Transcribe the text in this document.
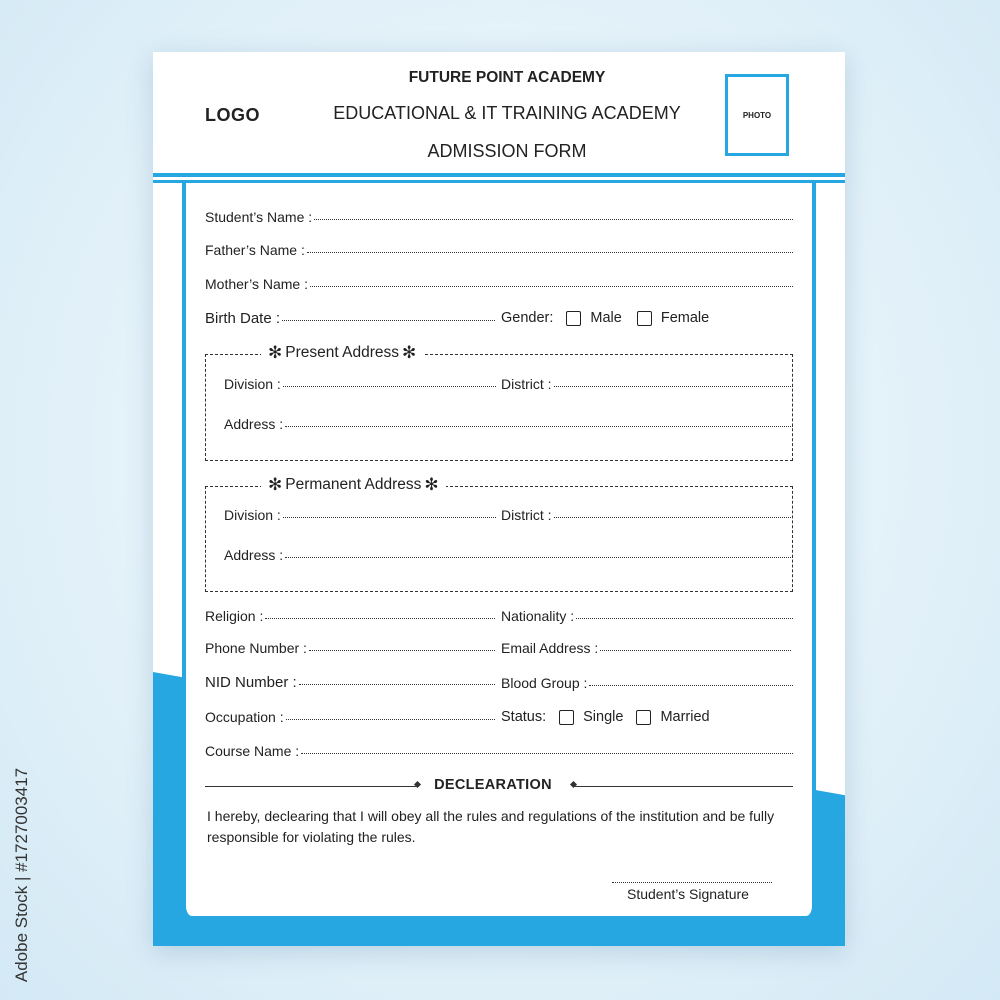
Adobe Stock | #1727003417
LOGO
FUTURE POINT ACADEMY
EDUCATIONAL & IT TRAINING ACADEMY
ADMISSION FORM
PHOTO
Student’s Name :
Father’s Name :
Mother’s Name :
Birth Date :	Gender:	Male	Female
✻ Present Address ✻
Division :	District :
Address :
✻ Permanent Address ✻
Division :	District :
Address :
Religion :	Nationality :
Phone Number :	Email Address :
NID Number :	Blood Group :
Occupation :	Status:	Single	Married
Course Name :
DECLEARATION
I hereby, declearing that I will obey all the rules and regulations of the institution and be fully responsible for violating the rules.
Student’s Signature
